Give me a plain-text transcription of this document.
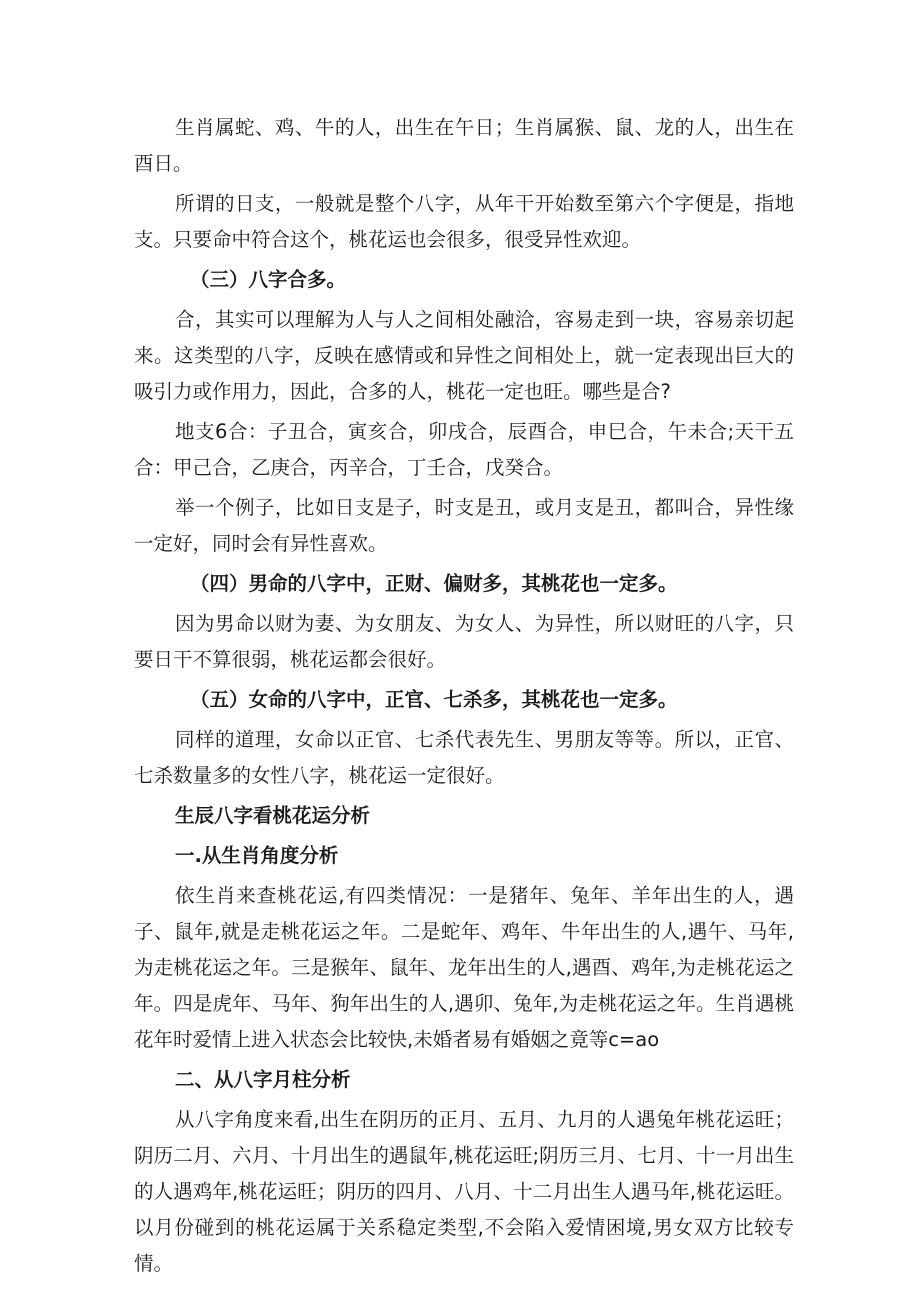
生肖属蛇、鸡、牛的人，出生在午日；生肖属猴、鼠、龙的人，出生在酉日。

所谓的日支，一般就是整个八字，从年干开始数至第六个字便是，指地支。只要命中符合这个，桃花运也会很多，很受异性欢迎。

（三）八字合多。

合，其实可以理解为人与人之间相处融洽，容易走到一块，容易亲切起来。这类型的八字，反映在感情或和异性之间相处上，就一定表现出巨大的吸引力或作用力，因此，合多的人，桃花一定也旺。哪些是合?

地支6合：子丑合，寅亥合，卯戌合，辰酉合，申巳合，午未合;天干五合：甲己合，乙庚合，丙辛合，丁壬合，戊癸合。

举一个例子，比如日支是子，时支是丑，或月支是丑，都叫合，异性缘一定好，同时会有异性喜欢。

（四）男命的八字中，正财、偏财多，其桃花也一定多。

因为男命以财为妻、为女朋友、为女人、为异性，所以财旺的八字，只要日干不算很弱，桃花运都会很好。

（五）女命的八字中，正官、七杀多，其桃花也一定多。

同样的道理，女命以正官、七杀代表先生、男朋友等等。所以，正官、七杀数量多的女性八字，桃花运一定很好。

生辰八字看桃花运分析

一.从生肖角度分析

依生肖来查桃花运,有四类情况：一是猪年、兔年、羊年出生的人，遇子、鼠年,就是走桃花运之年。二是蛇年、鸡年、牛年出生的人,遇午、马年,为走桃花运之年。三是猴年、鼠年、龙年出生的人,遇酉、鸡年,为走桃花运之年。四是虎年、马年、狗年出生的人,遇卯、兔年,为走桃花运之年。生肖遇桃花年时爱情上进入状态会比较快,未婚者易有婚姻之竟等c=ao

二、从八字月柱分析

从八字角度来看,出生在阴历的正月、五月、九月的人遇兔年桃花运旺；阴历二月、六月、十月出生的遇鼠年,桃花运旺;阴历三月、七月、十一月出生的人遇鸡年,桃花运旺；阴历的四月、八月、十二月出生人遇马年,桃花运旺。以月份碰到的桃花运属于关系稳定类型,不会陷入爱情困境,男女双方比较专情。
